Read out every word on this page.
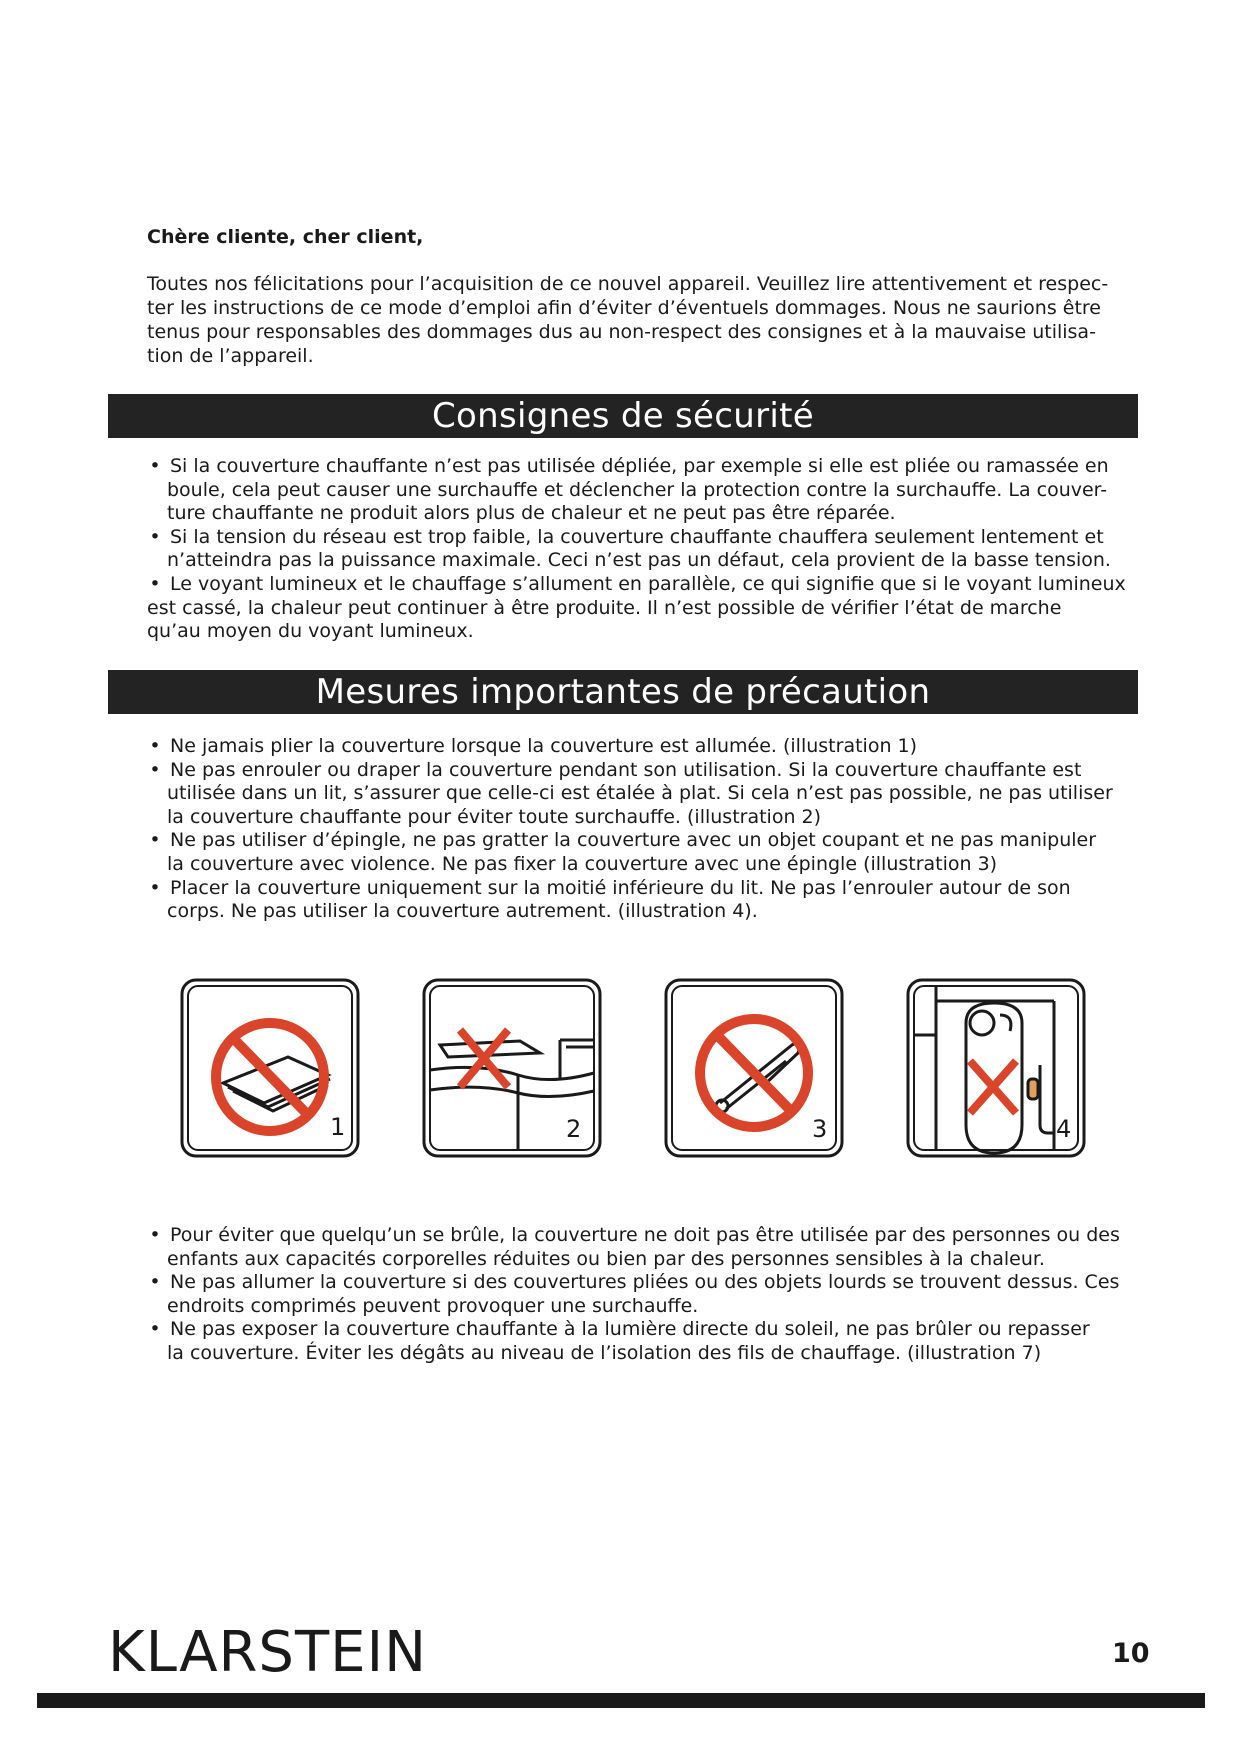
Chère cliente, cher client,

Toutes nos félicitations pour l’acquisition de ce nouvel appareil. Veuillez lire attentivement et respec-
ter les instructions de ce mode d’emploi afin d’éviter d’éventuels dommages. Nous ne saurions être
tenus pour responsables des dommages dus au non-respect des consignes et à la mauvaise utilisa-
tion de l’appareil.

Consignes de sécurité
• Si la couverture chauffante n’est pas utilisée dépliée, par exemple si elle est pliée ou ramassée en
boule, cela peut causer une surchauffe et déclencher la protection contre la surchauffe. La couver-
ture chauffante ne produit alors plus de chaleur et ne peut pas être réparée.
• Si la tension du réseau est trop faible, la couverture chauffante chauffera seulement lentement et
n’atteindra pas la puissance maximale. Ceci n’est pas un défaut, cela provient de la basse tension.
• Le voyant lumineux et le chauffage s’allument en parallèle, ce qui signifie que si le voyant lumineux
est cassé, la chaleur peut continuer à être produite. Il n’est possible de vérifier l’état de marche
qu’au moyen du voyant lumineux.
Mesures importantes de précaution
• Ne jamais plier la couverture lorsque la couverture est allumée. (illustration 1)
• Ne pas enrouler ou draper la couverture pendant son utilisation. Si la couverture chauffante est
utilisée dans un lit, s’assurer que celle-ci est étalée à plat. Si cela n’est pas possible, ne pas utiliser
la couverture chauffante pour éviter toute surchauffe. (illustration 2)
• Ne pas utiliser d’épingle, ne pas gratter la couverture avec un objet coupant et ne pas manipuler
la couverture avec violence. Ne pas fixer la couverture avec une épingle (illustration 3)
• Placer la couverture uniquement sur la moitié inférieure du lit. Ne pas l’enrouler autour de son
corps. Ne pas utiliser la couverture autrement. (illustration 4).
1	2	3	4
• Pour éviter que quelqu’un se brûle, la couverture ne doit pas être utilisée par des personnes ou des
enfants aux capacités corporelles réduites ou bien par des personnes sensibles à la chaleur.
• Ne pas allumer la couverture si des couvertures pliées ou des objets lourds se trouvent dessus. Ces
endroits comprimés peuvent provoquer une surchauffe.
• Ne pas exposer la couverture chauffante à la lumière directe du soleil, ne pas brûler ou repasser
la couverture. Éviter les dégâts au niveau de l’isolation des fils de chauffage. (illustration 7)
KLARSTEIN	10
